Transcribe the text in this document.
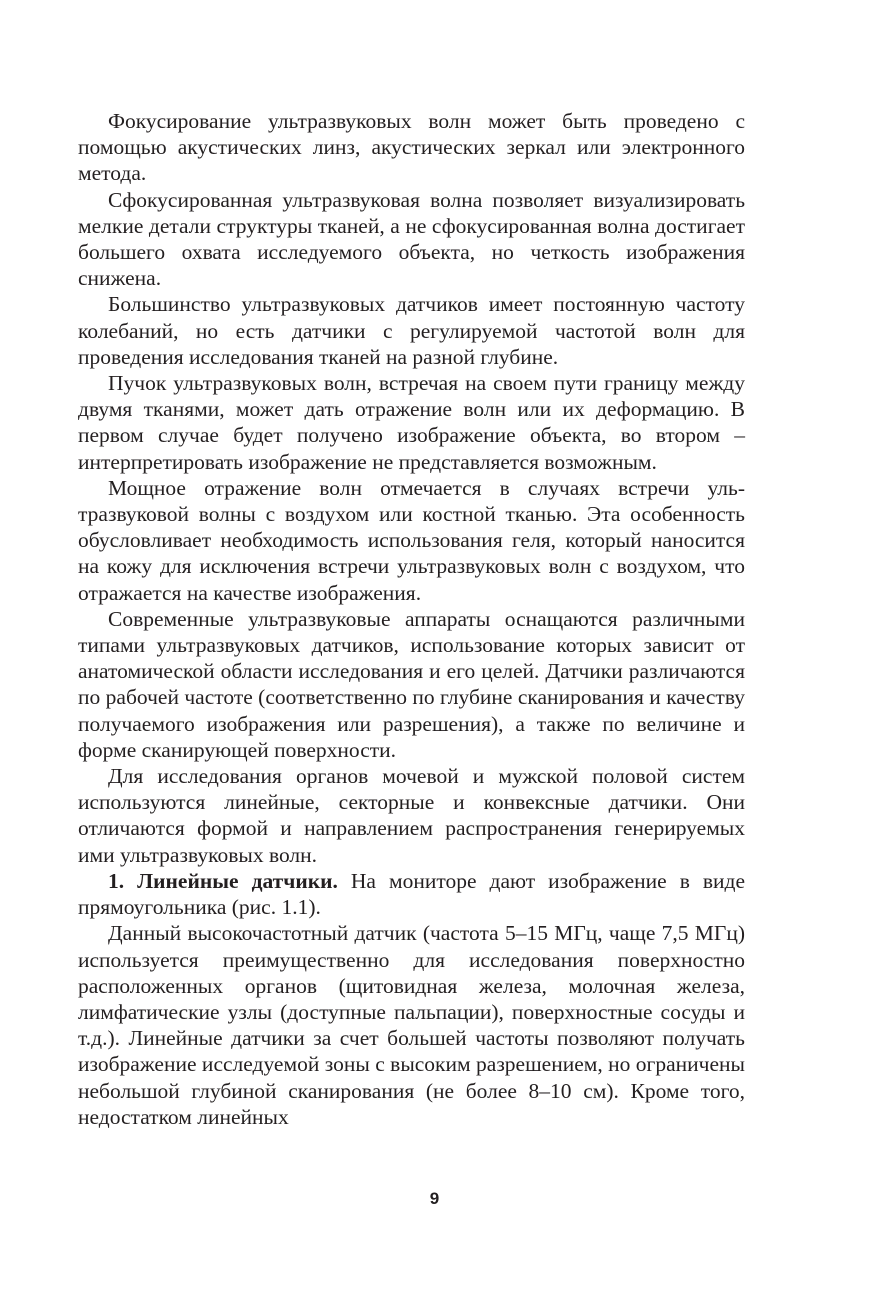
Фокусирование ультразвуковых волн может быть проведено с помощью акустических линз, акустических зеркал или электронного метода.

Сфокусированная ультразвуковая волна позволяет визуализировать мелкие детали структуры тканей, а не сфокусированная волна достигает большего охвата исследуемого объекта, но четкость изображения снижена.

Большинство ультразвуковых датчиков имеет постоянную частоту колебаний, но есть датчики с регулируемой частотой волн для проведения исследования тканей на разной глубине.

Пучок ультразвуковых волн, встречая на своем пути границу между двумя тканями, может дать отражение волн или их деформацию. В первом случае будет получено изображение объекта, во втором – интерпретировать изображение не представляется возможным.

Мощное отражение волн отмечается в случаях встречи ультразвуковой волны с воздухом или костной тканью. Эта особенность обусловливает необходимость использования геля, который наносится на кожу для исключения встречи ультразвуковых волн с воздухом, что отражается на качестве изображения.

Современные ультразвуковые аппараты оснащаются различными типами ультразвуковых датчиков, использование которых зависит от анатомической области исследования и его целей. Датчики различаются по рабочей частоте (соответственно по глубине сканирования и качеству получаемого изображения или разрешения), а также по величине и форме сканирующей поверхности.

Для исследования органов мочевой и мужской половой систем используются линейные, секторные и конвексные датчики. Они отличаются формой и направлением распространения генерируемых ими ультразвуковых волн.

1. Линейные датчики. На мониторе дают изображение в виде прямоугольника (рис. 1.1).

Данный высокочастотный датчик (частота 5–15 МГц, чаще 7,5 МГц) используется преимущественно для исследования поверхностно расположенных органов (щитовидная железа, молочная железа, лимфатические узлы (доступные пальпации), поверхностные сосуды и т.д.). Линейные датчики за счет большей частоты позволяют получать изображение исследуемой зоны с высоким разрешением, но ограничены небольшой глубиной сканирования (не более 8–10 см). Кроме того, недостатком линейных

9
